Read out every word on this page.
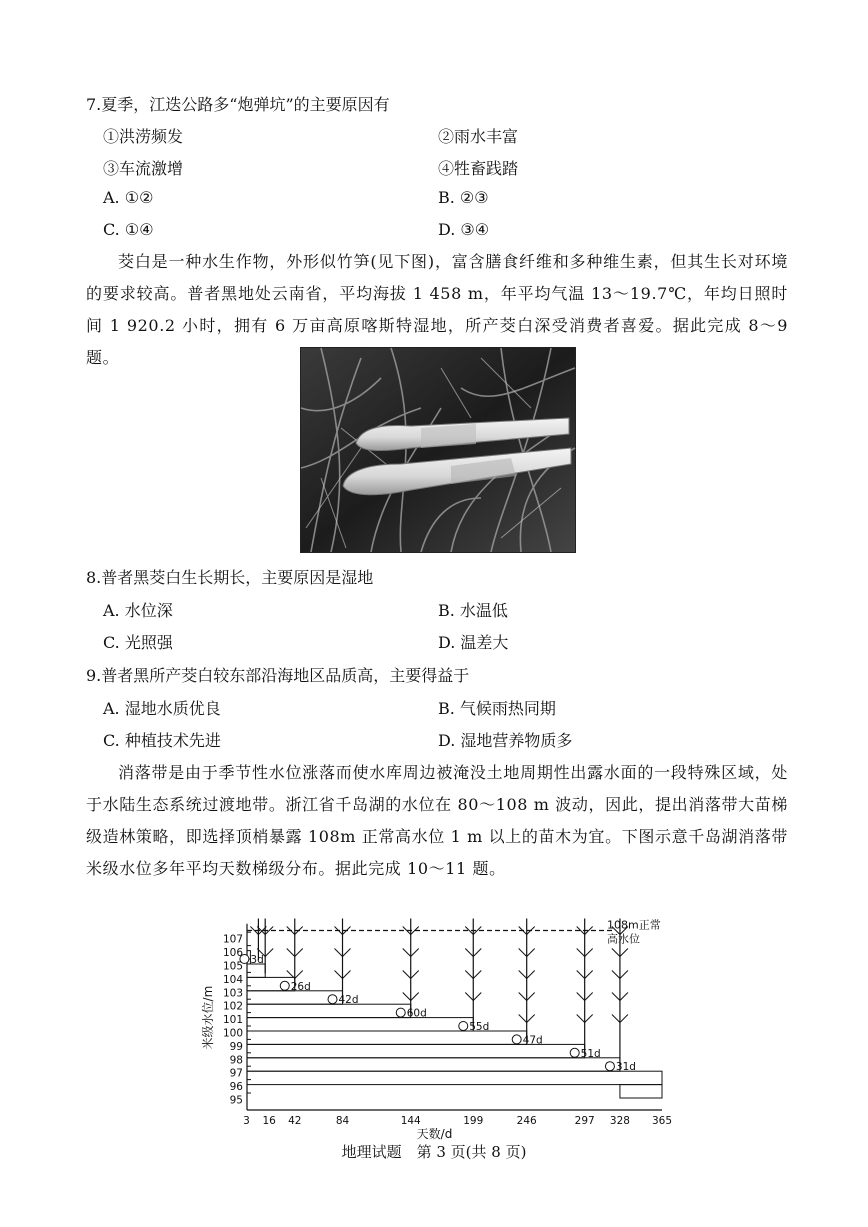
7.夏季，江迭公路多“炮弹坑”的主要原因有
①洪涝频发	②雨水丰富
③车流激增	④牲畜践踏
A. ①②	B. ②③
C. ①④	D. ③④
茭白是一种水生作物，外形似竹笋(见下图)，富含膳食纤维和多种维生素，但其生长对环境的要求较高。普者黑地处云南省，平均海拔 1 458 m，年平均气温 13～19.7℃，年均日照时间 1 920.2 小时，拥有 6 万亩高原喀斯特湿地，所产茭白深受消费者喜爱。据此完成 8～9 题。
8.普者黑茭白生长期长，主要原因是湿地
A. 水位深	B. 水温低
C. 光照强	D. 温差大
9.普者黑所产茭白较东部沿海地区品质高，主要得益于
A. 湿地水质优良	B. 气候雨热同期
C. 种植技术先进	D. 湿地营养物质多
消落带是由于季节性水位涨落而使水库周边被淹没土地周期性出露水面的一段特殊区域，处于水陆生态系统过渡地带。浙江省千岛湖的水位在 80～108 m 波动，因此，提出消落带大苗梯级造林策略，即选择顶梢暴露 108m 正常高水位 1 m 以上的苗木为宜。下图示意千岛湖消落带米级水位多年平均天数梯级分布。据此完成 10～11 题。
95
96
97
98
99
100
101
102
103
104
105
106
107
3 16 42	84	144	199	246	297 328 365
天数/d
米级水位/m
108m正常
高水位
3d
26d
42d
60d
55d
47d
51d
31d
地理试题　第 3 页(共 8 页)
